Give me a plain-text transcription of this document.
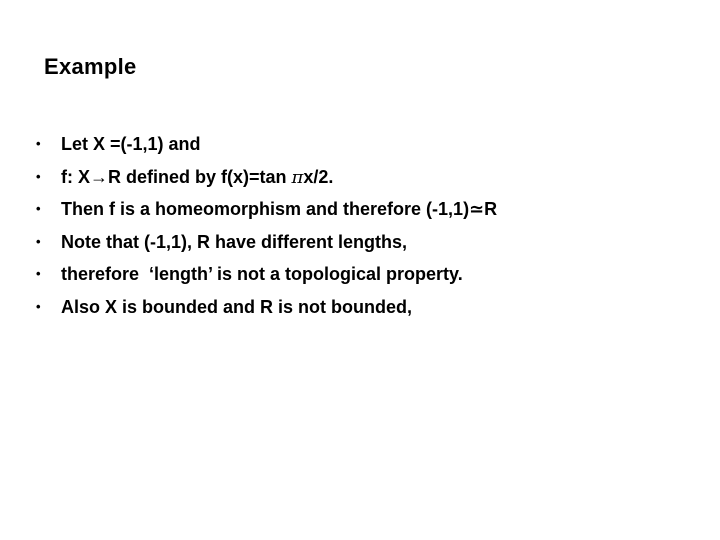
Example
•	Let X =(-1,1) and
•	f: X→R defined by f(x)=tan πx/2.
•	Then f is a homeomorphism and therefore (-1,1)≃R
•	Note that (-1,1), R have different lengths,
•	therefore  ‘length’ is not a topological property.
•	Also X is bounded and R is not bounded,
